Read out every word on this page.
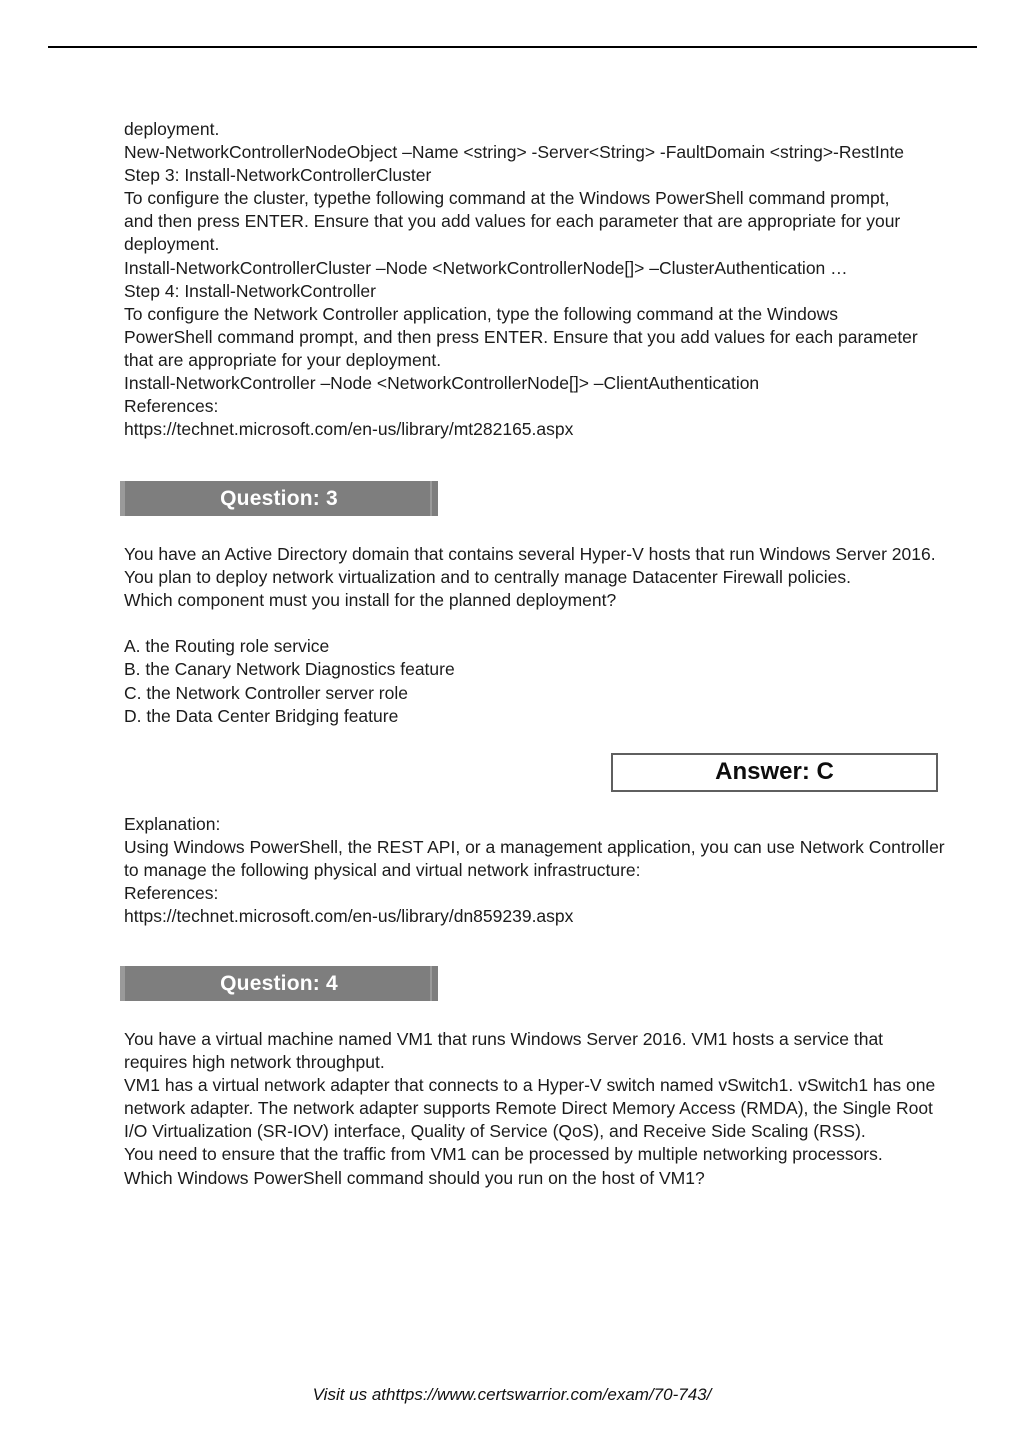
deployment.
New-NetworkControllerNodeObject –Name <string> -Server<String> -FaultDomain <string>-RestInte
Step 3: Install-NetworkControllerCluster
To configure the cluster, typethe following command at the Windows PowerShell command prompt,
and then press ENTER. Ensure that you add values for each parameter that are appropriate for your
deployment.
Install-NetworkControllerCluster –Node <NetworkControllerNode[]> –ClusterAuthentication …
Step 4: Install-NetworkController
To configure the Network Controller application, type the following command at the Windows
PowerShell command prompt, and then press ENTER. Ensure that you add values for each parameter
that are appropriate for your deployment.
Install-NetworkController –Node <NetworkControllerNode[]> –ClientAuthentication
References:
https://technet.microsoft.com/en-us/library/mt282165.aspx
Question: 3
You have an Active Directory domain that contains several Hyper-V hosts that run Windows Server 2016.
You plan to deploy network virtualization and to centrally manage Datacenter Firewall policies.
Which component must you install for the planned deployment?
A. the Routing role service
B. the Canary Network Diagnostics feature
C. the Network Controller server role
D. the Data Center Bridging feature
Answer: C
Explanation:
Using Windows PowerShell, the REST API, or a management application, you can use Network Controller
to manage the following physical and virtual network infrastructure:
References:
https://technet.microsoft.com/en-us/library/dn859239.aspx
Question: 4
You have a virtual machine named VM1 that runs Windows Server 2016. VM1 hosts a service that
requires high network throughput.
VM1 has a virtual network adapter that connects to a Hyper-V switch named vSwitch1. vSwitch1 has one
network adapter. The network adapter supports Remote Direct Memory Access (RMDA), the Single Root
I/O Virtualization (SR-IOV) interface, Quality of Service (QoS), and Receive Side Scaling (RSS).
You need to ensure that the traffic from VM1 can be processed by multiple networking processors.
Which Windows PowerShell command should you run on the host of VM1?
Visit us athttps://www.certswarrior.com/exam/70-743/
